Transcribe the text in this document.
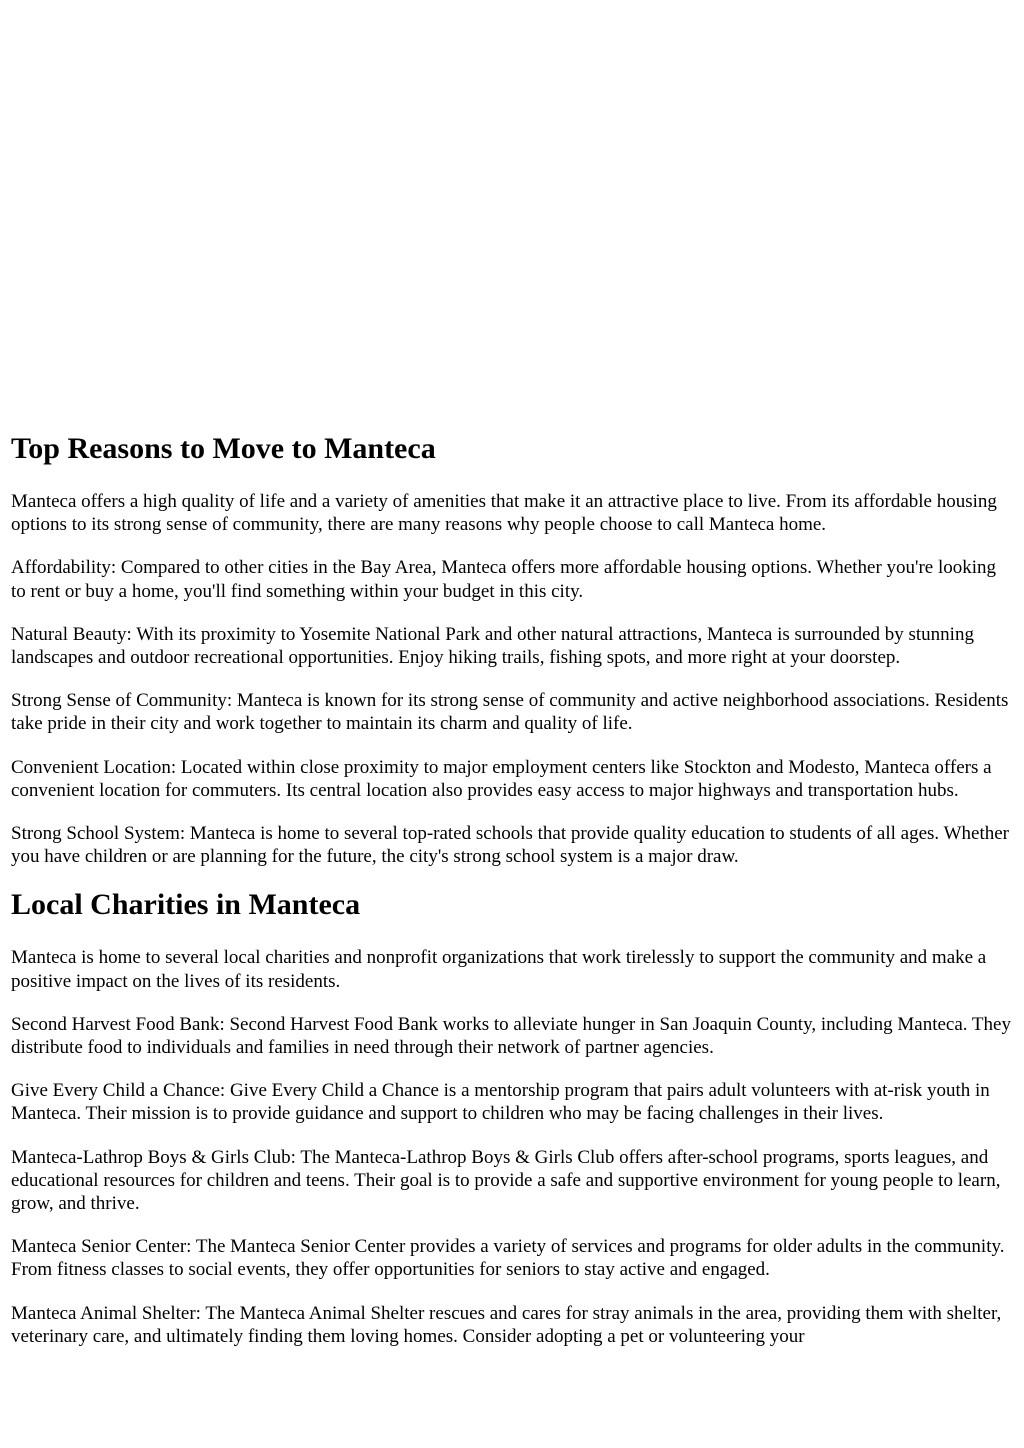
Top Reasons to Move to Manteca

Manteca offers a high quality of life and a variety of amenities that make it an attractive place to live. From its affordable housing options to its strong sense of community, there are many reasons why people choose to call Manteca home.

Affordability: Compared to other cities in the Bay Area, Manteca offers more affordable housing options. Whether you're looking to rent or buy a home, you'll find something within your budget in this city.

Natural Beauty: With its proximity to Yosemite National Park and other natural attractions, Manteca is surrounded by stunning landscapes and outdoor recreational opportunities. Enjoy hiking trails, fishing spots, and more right at your doorstep.

Strong Sense of Community: Manteca is known for its strong sense of community and active neighborhood associations. Residents take pride in their city and work together to maintain its charm and quality of life.

Convenient Location: Located within close proximity to major employment centers like Stockton and Modesto, Manteca offers a convenient location for commuters. Its central location also provides easy access to major highways and transportation hubs.

Strong School System: Manteca is home to several top-rated schools that provide quality education to students of all ages. Whether you have children or are planning for the future, the city's strong school system is a major draw.

Local Charities in Manteca

Manteca is home to several local charities and nonprofit organizations that work tirelessly to support the community and make a positive impact on the lives of its residents.

Second Harvest Food Bank: Second Harvest Food Bank works to alleviate hunger in San Joaquin County, including Manteca. They distribute food to individuals and families in need through their network of partner agencies.

Give Every Child a Chance: Give Every Child a Chance is a mentorship program that pairs adult volunteers with at-risk youth in Manteca. Their mission is to provide guidance and support to children who may be facing challenges in their lives.

Manteca-Lathrop Boys & Girls Club: The Manteca-Lathrop Boys & Girls Club offers after-school programs, sports leagues, and educational resources for children and teens. Their goal is to provide a safe and supportive environment for young people to learn, grow, and thrive.

Manteca Senior Center: The Manteca Senior Center provides a variety of services and programs for older adults in the community. From fitness classes to social events, they offer opportunities for seniors to stay active and engaged.

Manteca Animal Shelter: The Manteca Animal Shelter rescues and cares for stray animals in the area, providing them with shelter, veterinary care, and ultimately finding them loving homes. Consider adopting a pet or volunteering your
